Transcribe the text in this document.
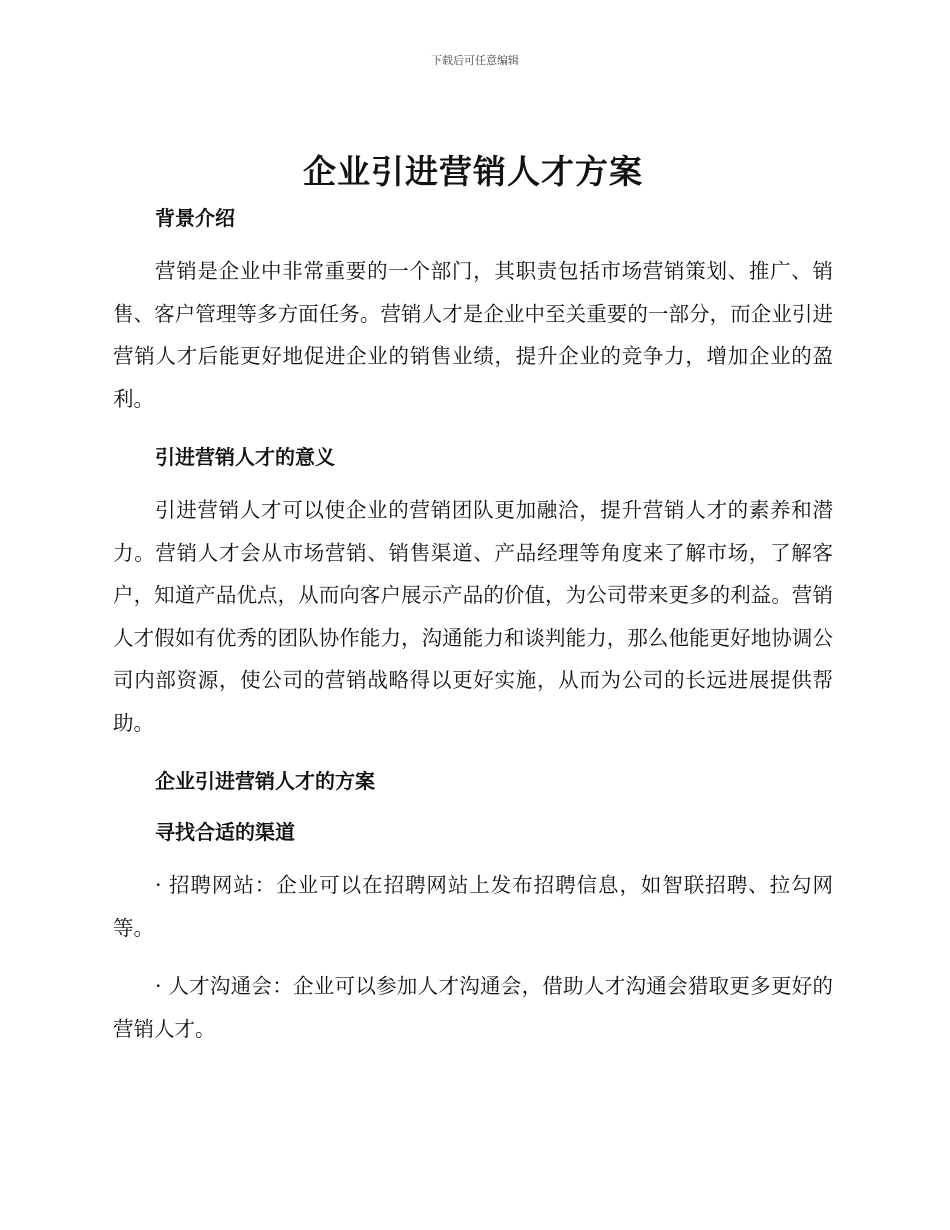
下载后可任意编辑
企业引进营销人才方案
背景介绍

营销是企业中非常重要的一个部门，其职责包括市场营销策划、推广、销售、客户管理等多方面任务。营销人才是企业中至关重要的一部分，而企业引进营销人才后能更好地促进企业的销售业绩，提升企业的竞争力，增加企业的盈利。

引进营销人才的意义

引进营销人才可以使企业的营销团队更加融洽，提升营销人才的素养和潜力。营销人才会从市场营销、销售渠道、产品经理等角度来了解市场，了解客户，知道产品优点，从而向客户展示产品的价值，为公司带来更多的利益。营销人才假如有优秀的团队协作能力，沟通能力和谈判能力，那么他能更好地协调公司内部资源，使公司的营销战略得以更好实施，从而为公司的长远进展提供帮助。

企业引进营销人才的方案
寻找合适的渠道

· 招聘网站：企业可以在招聘网站上发布招聘信息，如智联招聘、拉勾网等。

· 人才沟通会：企业可以参加人才沟通会，借助人才沟通会猎取更多更好的营销人才。
